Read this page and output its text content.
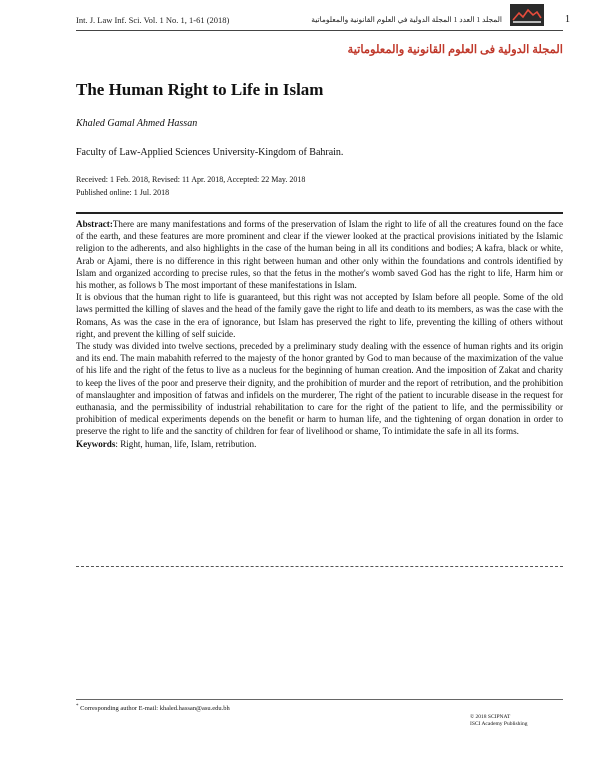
Int. J. Law Inf. Sci. Vol. 1 No. 1, 1-61 (2018)	المجلد 1 العدد 1 المجلة الدولية في العلوم القانونية والمعلوماتية	1
المجلة الدولية فى العلوم القانونية والمعلوماتية
The Human Right to Life in Islam
Khaled Gamal Ahmed Hassan
Faculty of Law-Applied Sciences University-Kingdom of Bahrain.
Received: 1 Feb. 2018, Revised: 11 Apr. 2018, Accepted: 22 May. 2018
Published online: 1 Jul. 2018

Abstract:There are many manifestations and forms of the preservation of Islam the right to life of all the creatures found on the face of the earth, and these features are more prominent and clear if the viewer looked at the practical provisions initiated by the Islamic religion to the adherents, and also highlights in the case of the human being in all its conditions and bodies; A kafra, black or white, Arab or Ajami, there is no difference in this right between human and other only within the foundations and controls identified by Islam and organized according to precise rules, so that the fetus in the mother's womb saved God has the right to life, Harm him or his mother, as follows b The most important of these manifestations in Islam.

It is obvious that the human right to life is guaranteed, but this right was not accepted by Islam before all people. Some of the old laws permitted the killing of slaves and the head of the family gave the right to life and death to its members, as was the case with the Romans, As was the case in the era of ignorance, but Islam has preserved the right to life, preventing the killing of others without right, and prevent the killing of self suicide.

The study was divided into twelve sections, preceded by a preliminary study dealing with the essence of human rights and its origin and its end. The main mabahith referred to the majesty of the honor granted by God to man because of the maximization of the value of his life and the right of the fetus to live as a nucleus for the beginning of human creation. And the imposition of Zakat and charity to keep the lives of the poor and preserve their dignity, and the prohibition of murder and the report of retribution, and the prohibition of manslaughter and imposition of fatwas and infidels on the murderer, The right of the patient to incurable disease in the request for euthanasia, and the permissibility of industrial rehabilitation to care for the right of the patient to life, and the permissibility or prohibition of medical experiments depends on the benefit or harm to human life, and the tightening of organ donation in order to preserve the right to life and the sanctity of children for fear of livelihood or shame, To intimidate the safe in all its forms.

Keywords: Right, human, life, Islam, retribution.

* Corresponding author E-mail: khaled.hassan@asu.edu.bh
© 2018 SCIPNAT
ISCI Academy Publishing
